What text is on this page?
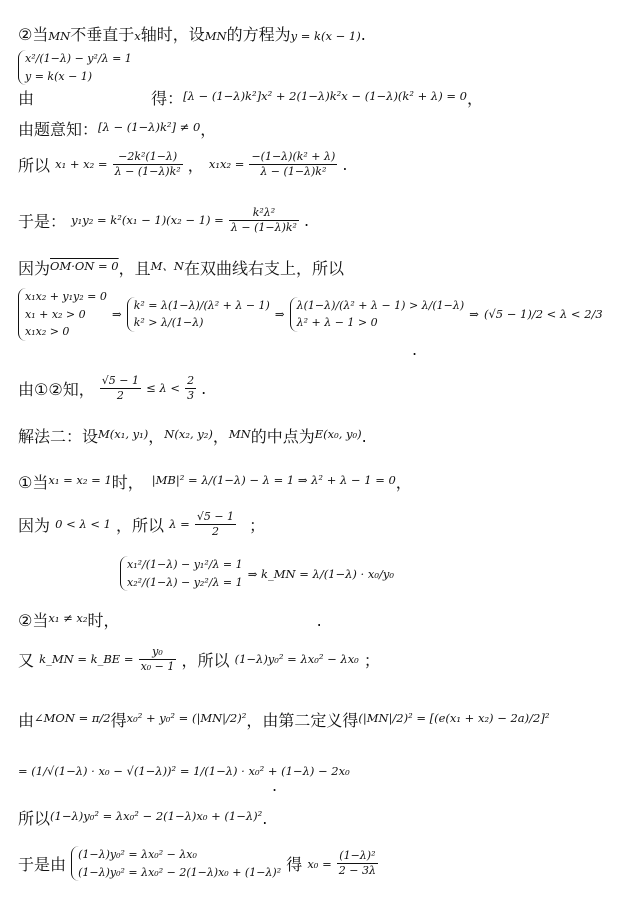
②当MN不垂直于x轴时，设MN的方程为y = k(x − 1).
x²/(1−λ) − y²/λ = 1
y = k(x − 1)
由	得：$^{[\lambda - (1-\lambda)k^2]x^2 + 2(1-\lambda)k^2x - (1-\lambda)(k^2 + \lambda) = 0}$，
由题意知：$^{[\lambda - (1-\lambda)k^2] \ne 0}$，
所以 $x_1 + x_2 = \frac{\text{−2k²(1−λ)}}{\text{λ − (1−λ)k²}}$ ， $x_1x_2 = \frac{\text{−(1−λ)(k² + λ)}}{\text{λ − (1−λ)k²}}$ .
于是： $y_1y_2 = k^2(x_1 - 1)(x_2 - 1) = \frac{\text{k²λ²}}{\text{λ − (1−λ)k²}}$ .
因为$^{OM\cdot ON = 0}$，且$^{M、N}$在双曲线右支上，所以
x₁x₂ + y₁y₂ = 0
x₁ + x₂ > 0
x₁x₂ > 0
⇒
k² = λ(1−λ)/(λ² + λ − 1)
k² > λ/(1−λ)
⇒
λ(1−λ)/(λ² + λ − 1) > λ/(1−λ)
λ² + λ − 1 > 0
⇒ (√5 − 1)/2 < λ < 2/3
.
由①②知， $\frac{√5 - 1}{2} \le \lambda < \frac{2}{3}$ .
解法二：设$^{M(x_1, y_1)}$，$^{N(x_2, y_2)}$，$^{MN}$的中点为$^{E(x_0, y_0)}$.
①当$^{x_1 = x_2 = 1}$时， $^{|MB|^2 = \lambda/(1-\lambda) - \lambda = 1 \Rightarrow \lambda^2 + \lambda - 1 = 0}$，
因为 0 < λ < 1 ，所以 $\lambda = \frac{√5 - 1}{2}$ ；
x₁²/(1−λ) − y₁²/λ = 1
x₂²/(1−λ) − y₂²/λ = 1
⇒ k_MN = λ/(1−λ) · x₀/y₀
②当$^{x_1 \ne x_2}$时，	.
又 k_MN = k_BE = $\frac{\text{y₀}}{\text{x₀ − 1}}$ ，所以 (1−λ)y₀² = λx₀² − λx₀ ；
由$^{\angle MON = \pi/2}$得$^{x_0^2 + y_0^2 = (|MN|/2)^2}$，由第二定义得$^{(|MN|/2)^2 = [(e(x_1 + x_2) - 2a)/2]^2}$
= (1/√(1−λ) · x₀ − √(1−λ))² = 1/(1−λ) · x₀² + (1−λ) − 2x₀
.
所以$^{(1-\lambda)y_0^2 = \lambda x_0^2 - 2(1-\lambda)x_0 + (1-\lambda)^2}$.
于是由
(1−λ)y₀² = λx₀² − λx₀
(1−λ)y₀² = λx₀² − 2(1−λ)x₀ + (1−λ)² 得 $x_0 = \frac{\text{(1−λ)²}}{2 - 3\lambda}$
